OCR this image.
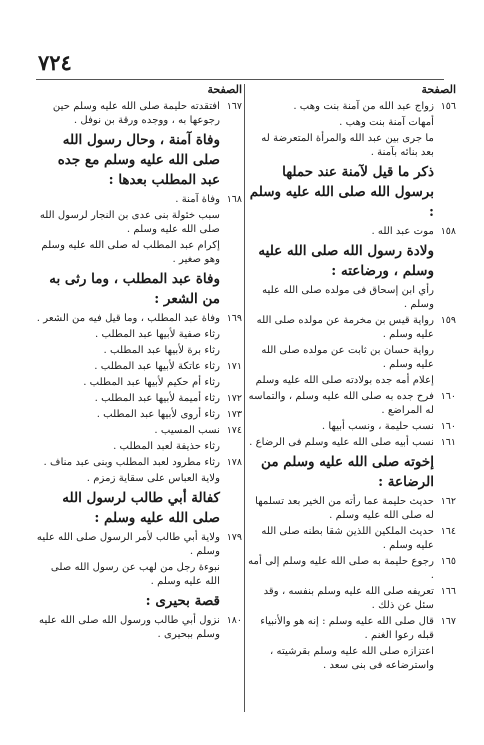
٧٢٤
الصفحة
١٥٦
زواج عبد الله من آمنة بنت وهب .
أمهات آمنة بنت وهب .
ما جرى بين عبد الله والمرأة المتعرضة له بعد بنائه بآمنة .
ذكر ما قيل لآمنة عند حملها برسول الله صلى الله عليه وسلم :
١٥٨
موت عبد الله .
ولادة رسول الله صلى الله عليه وسلم ، ورضاعته :
رأي ابن إسحاق فى مولده صلى الله عليه وسلم .
١٥٩
رواية قيس بن مخرمة عن مولده صلى الله عليه وسلم .
رواية حسان بن ثابت عن مولده صلى الله عليه وسلم .
إعلام أمه جده بولادته صلى الله عليه وسلم
١٦٠
فرح جده به صلى الله عليه وسلم ، والتماسه له المراضع .
١٦٠
نسب حليمة ، ونسب أبيها .
١٦١
نسب أبيه صلى الله عليه وسلم فى الرضاع .
إخوته صلى الله عليه وسلم من الرضاعة :
١٦٢
حديث حليمة عما رأته من الخير بعد تسلمها له صلى الله عليه وسلم .
١٦٤
حديث الملكين اللذين شقا بطنه صلى الله عليه وسلم .
١٦٥
رجوع حليمة به صلى الله عليه وسلم إلى أمه .
١٦٦
تعريفه صلى الله عليه وسلم بنفسه ، وقد سئل عن ذلك .
١٦٧
قال صلى الله عليه وسلم : إنه هو والأنبياء قبله رعوا الغنم .
اعتزازه صلى الله عليه وسلم بقرشيته ، واسترضاعه فى بنى سعد .
الصفحة
١٦٧
افتقدته حليمة صلى الله عليه وسلم حين رجوعها به ، ووجده ورقة بن نوفل .
وفاة آمنة ، وحال رسول الله صلى الله عليه وسلم مع جده عبد المطلب بعدها :
١٦٨
وفاة آمنة .
سبب خئولة بنى عدى بن النجار لرسول الله صلى الله عليه وسلم .
إكرام عبد المطلب له صلى الله عليه وسلم وهو صغير .
وفاة عبد المطلب ، وما رثى به من الشعر :
١٦٩
وفاة عبد المطلب ، وما قيل فيه من الشعر .
رثاء صفية لأبيها عبد المطلب .
رثاء برة لأبيها عبد المطلب .
١٧١
رثاء عاتكة لأبيها عبد المطلب .
رثاء أم حكيم لأبيها عبد المطلب .
١٧٢
رثاء أميمة لأبيها عبد المطلب .
١٧٣
رثاء أروى لأبيها عبد المطلب .
١٧٤
نسب المسيب .
رثاء حذيفة لعبد المطلب .
١٧٨
رثاء مطرود لعبد المطلب وبنى عبد مناف .
ولاية العباس على سقاية زمزم .
كفالة أبي طالب لرسول الله صلى الله عليه وسلم :
١٧٩
ولاية أبي طالب لأمر الرسول صلى الله عليه وسلم .
نبوءة رجل من لهب عن رسول الله صلى الله عليه وسلم .
قصة بحيرى :
١٨٠
نزول أبي طالب ورسول الله صلى الله عليه وسلم ببحيرى .
